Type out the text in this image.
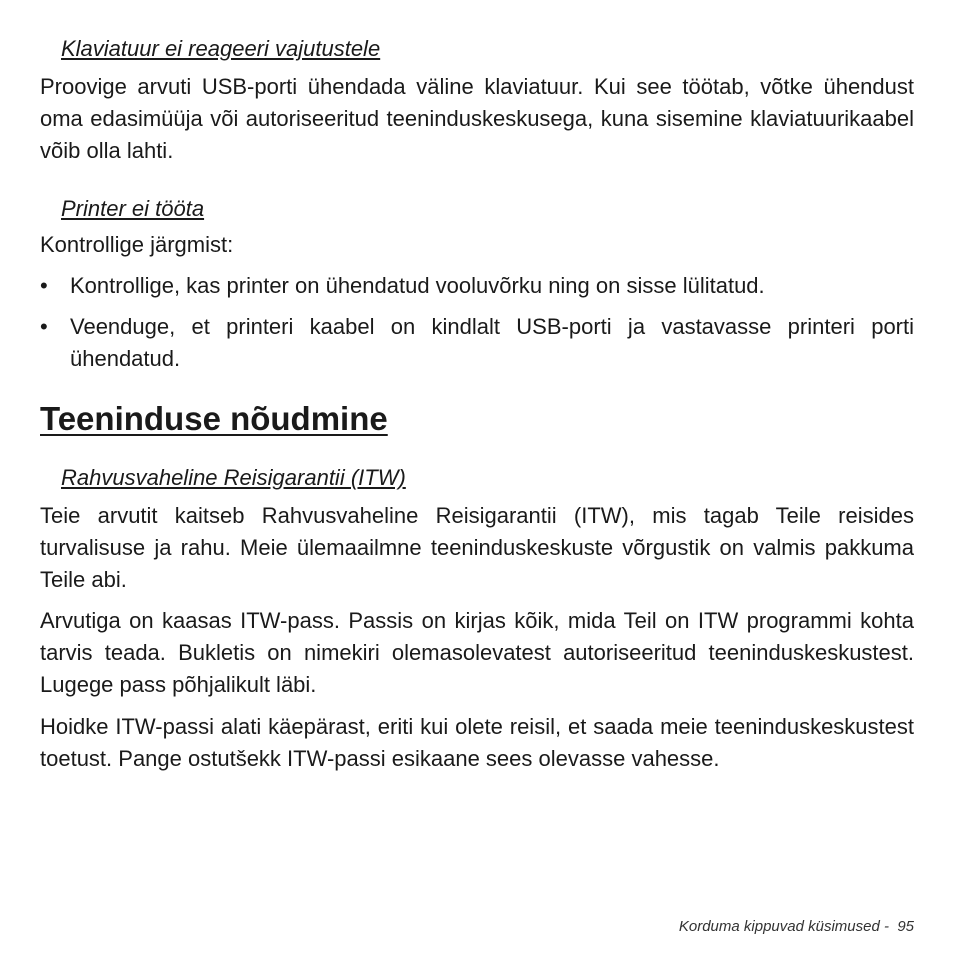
Klaviatuur ei reageeri vajutustele

Proovige arvuti USB-porti ühendada väline klaviatuur. Kui see töötab, võtke ühendust oma edasimüüja või autoriseeritud teeninduskeskusega, kuna sisemine klaviatuurikaabel võib olla lahti.

Printer ei tööta

Kontrollige järgmist:

• Kontrollige, kas printer on ühendatud vooluvõrku ning on sisse lülitatud.
• Veenduge, et printeri kaabel on kindlalt USB-porti ja vastavasse printeri porti ühendatud.
Teeninduse nõudmine
Rahvusvaheline Reisigarantii (ITW)

Teie arvutit kaitseb Rahvusvaheline Reisigarantii (ITW), mis tagab Teile reisides turvalisuse ja rahu. Meie ülemaailmne teeninduskeskuste võrgustik on valmis pakkuma Teile abi.

Arvutiga on kaasas ITW-pass. Passis on kirjas kõik, mida Teil on ITW programmi kohta tarvis teada. Bukletis on nimekiri olemasolevatest autoriseeritud teeninduskeskustest. Lugege pass põhjalikult läbi.

Hoidke ITW-passi alati käepärast, eriti kui olete reisil, et saada meie teeninduskeskustest toetust. Pange ostutšekk ITW-passi esikaane sees olevasse vahesse.

Korduma kippuvad küsimused -  95
